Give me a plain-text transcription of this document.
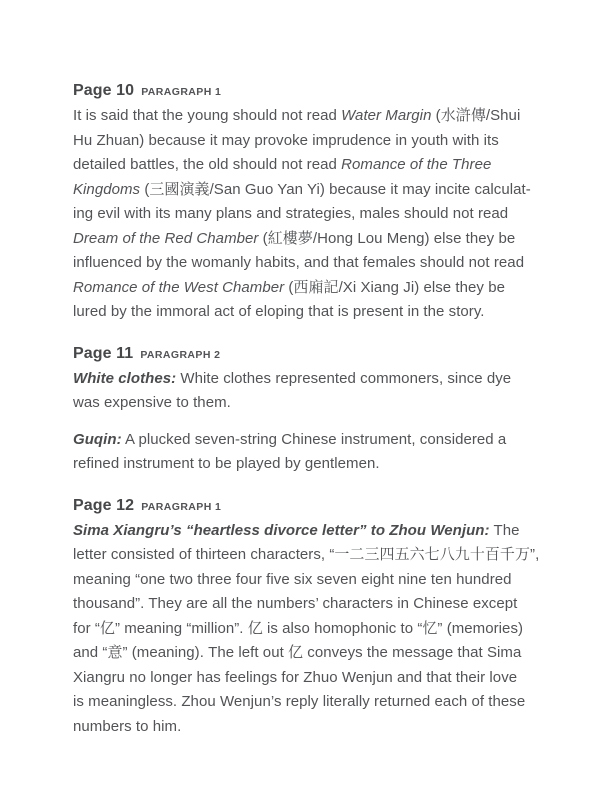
Page 10 PARAGRAPH 1
It is said that the young should not read Water Margin (水滸傳/Shui
Hu Zhuan) because it may provoke imprudence in youth with its
detailed battles, the old should not read Romance of the Three
Kingdoms (三國演義/San Guo Yan Yi) because it may incite calculat-
ing evil with its many plans and strategies, males should not read
Dream of the Red Chamber (紅樓夢/Hong Lou Meng) else they be
influenced by the womanly habits, and that females should not read
Romance of the West Chamber (西廂記/Xi Xiang Ji) else they be
lured by the immoral act of eloping that is present in the story.
Page 11 PARAGRAPH 2
White clothes: White clothes represented commoners, since dye
was expensive to them.
Guqin: A plucked seven-string Chinese instrument, considered a
refined instrument to be played by gentlemen.
Page 12 PARAGRAPH 1
Sima Xiangru’s “heartless divorce letter” to Zhou Wenjun: The
letter consisted of thirteen characters, “一二三四五六七八九十百千万”,
meaning “one two three four five six seven eight nine ten hundred
thousand”. They are all the numbers’ characters in Chinese except
for “亿” meaning “million”. 亿 is also homophonic to “忆” (memories)
and “意” (meaning). The left out 亿 conveys the message that Sima
Xiangru no longer has feelings for Zhuo Wenjun and that their love
is meaningless. Zhou Wenjun’s reply literally returned each of these
numbers to him.
